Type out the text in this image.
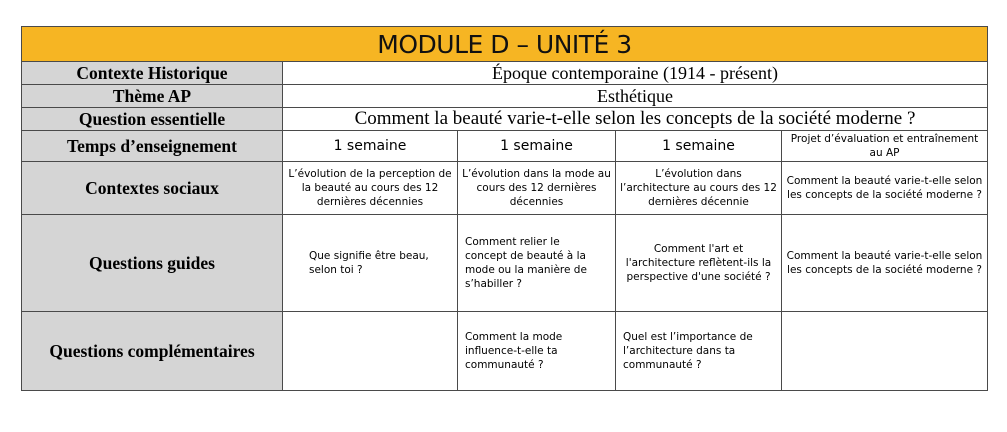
MODULE D – UNITÉ 3				
Contexte Historique	Époque contemporaine (1914 - présent)			
Thème AP	Esthétique			
Question essentielle	Comment la beauté varie-t-elle selon les concepts de la société moderne ?			
Temps d’enseignement	1 semaine	1 semaine	1 semaine	Projet d’évaluation et entraînement au AP
Contextes sociaux	L’évolution de la perception de la beauté au cours des 12 dernières décennies	L’évolution dans la mode au cours des 12 dernières décennies	L’évolution dans l’architecture au cours des 12 dernières décennie	Comment la beauté varie-t-elle selon les concepts de la société moderne ?
Questions guides	Que signifie être beau, selon toi ?	Comment relier le concept de beauté à la mode ou la manière de s’habiller ?	Comment l'art et l'architecture reflètent-ils la perspective d'une société ?	Comment la beauté varie-t-elle selon les concepts de la société moderne ?
Questions complémentaires		Comment la mode influence-t-elle ta communauté ?	Quel est l’importance de l’architecture dans ta communauté ?	
